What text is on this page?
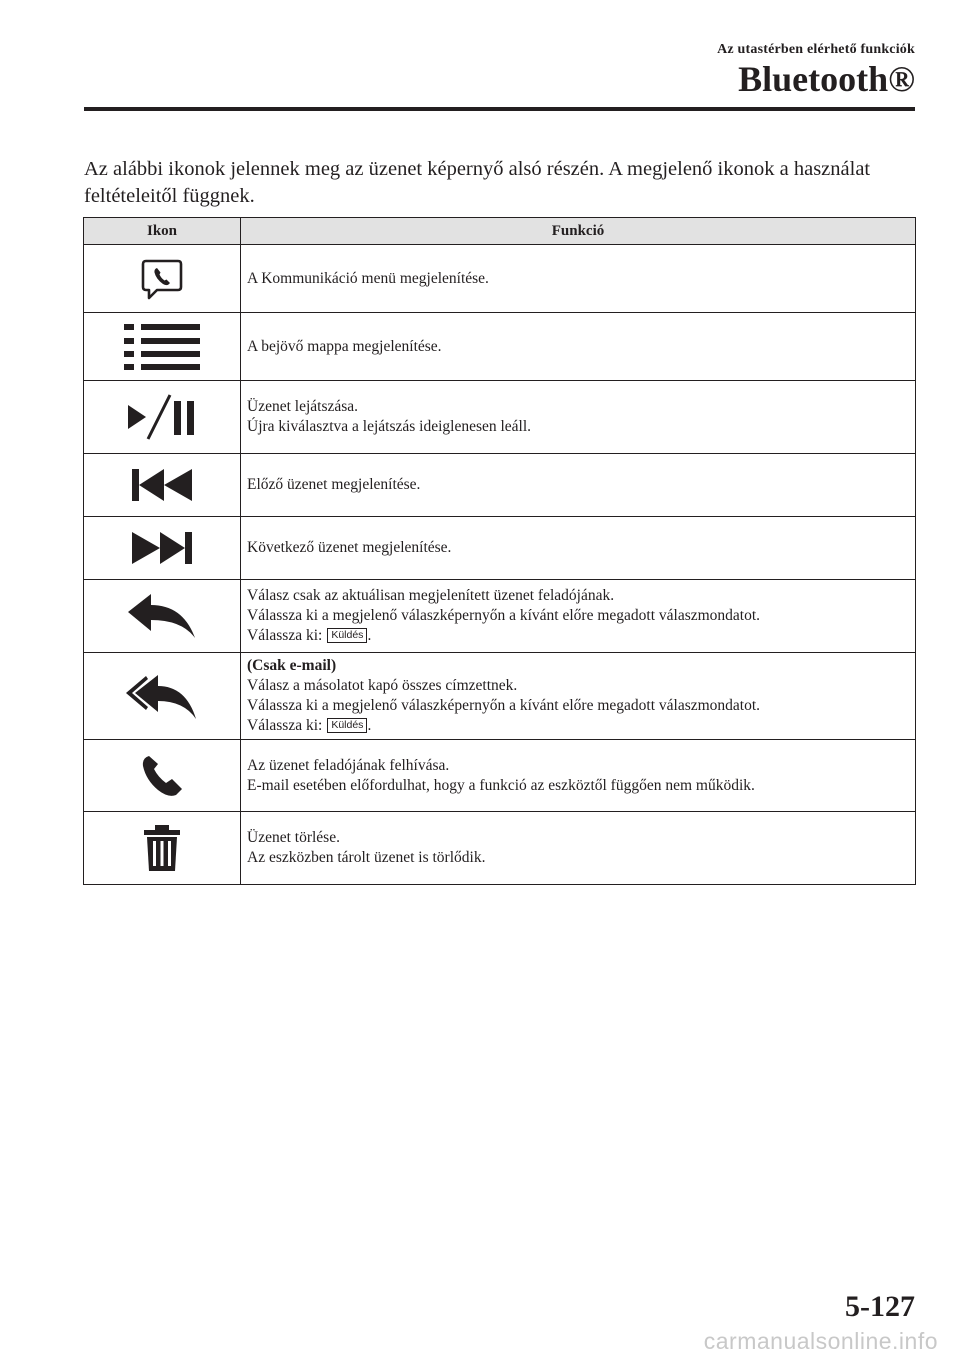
Az utastérben elérhető funkciók
Bluetooth®
Az alábbi ikonok jelennek meg az üzenet képernyő alsó részén. A megjelenő ikonok a használat feltételeitől függnek.
Ikon	Funkció

A Kommunikáció menü megjelenítése.

A bejövő mappa megjelenítése.

Üzenet lejátszása.
Újra kiválasztva a lejátszás ideiglenesen leáll.

Előző üzenet megjelenítése.

Következő üzenet megjelenítése.

Válasz csak az aktuálisan megjelenített üzenet feladójának.
Válassza ki a megjelenő válaszképernyőn a kívánt előre megadott válaszmondatot.
Válassza ki: Küldés .

(Csak e-mail)
Válasz a másolatot kapó összes címzettnek.
Válassza ki a megjelenő válaszképernyőn a kívánt előre megadott válaszmondatot.
Válassza ki: Küldés .

Az üzenet feladójának felhívása.
E-mail esetében előfordulhat, hogy a funkció az eszköztől függően nem működik.

Üzenet törlése.
Az eszközben tárolt üzenet is törlődik.
5-127
carmanualsonline.info
